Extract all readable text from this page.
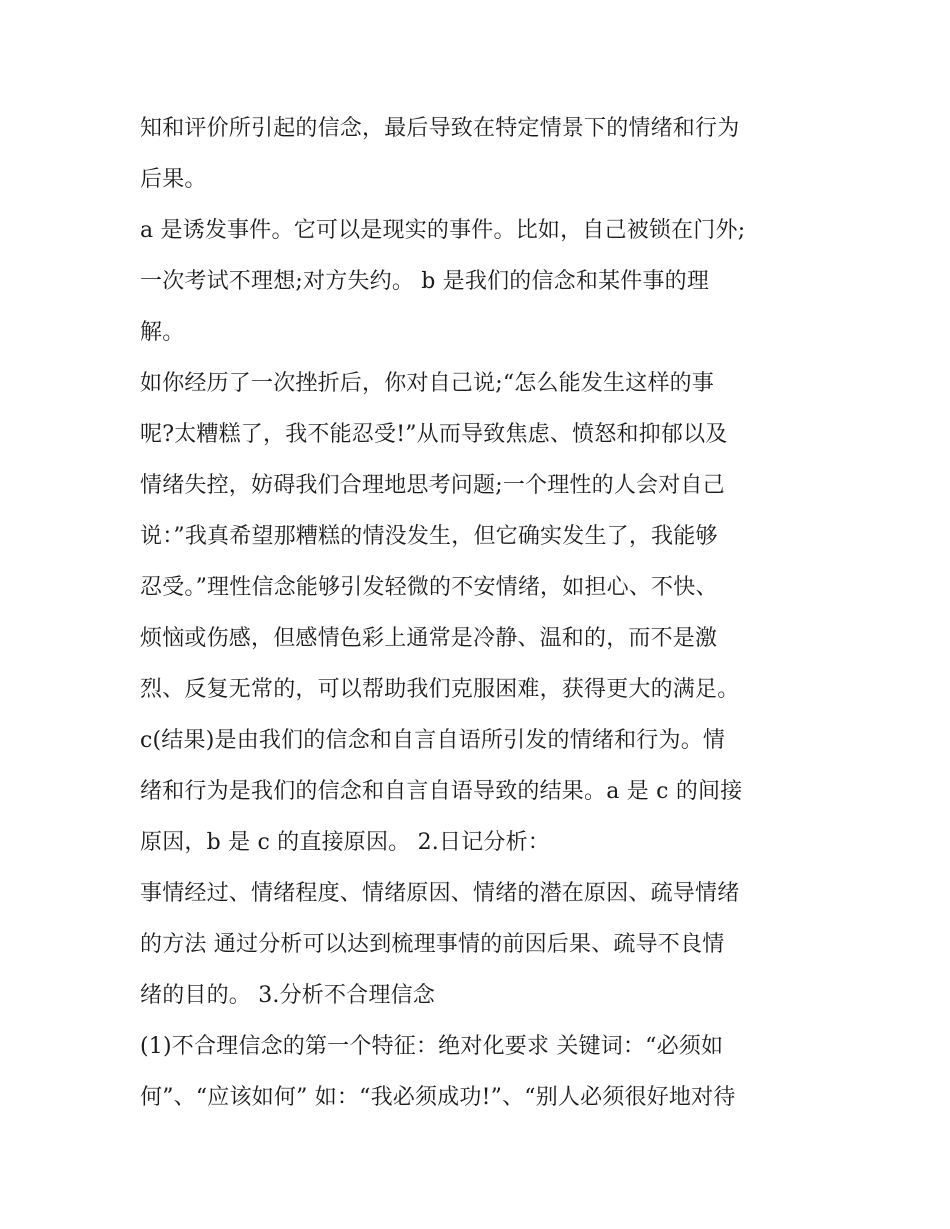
知和评价所引起的信念，最后导致在特定情景下的情绪和行为
后果。
a 是诱发事件。它可以是现实的事件。比如，自己被锁在门外;
一次考试不理想;对方失约。 b 是我们的信念和某件事的理
解。
如你经历了一次挫折后，你对自己说;“怎么能发生这样的事
呢?太糟糕了，我不能忍受!”从而导致焦虑、愤怒和抑郁以及
情绪失控，妨碍我们合理地思考问题;一个理性的人会对自己
说：”我真希望那糟糕的情没发生，但它确实发生了，我能够
忍受。”理性信念能够引发轻微的不安情绪，如担心、不快、
烦恼或伤感，但感情色彩上通常是冷静、温和的，而不是激
烈、反复无常的，可以帮助我们克服困难，获得更大的满足。
c(结果)是由我们的信念和自言自语所引发的情绪和行为。情
绪和行为是我们的信念和自言自语导致的结果。a 是 c 的间接
原因，b 是 c 的直接原因。 2.日记分析：
事情经过、情绪程度、情绪原因、情绪的潜在原因、疏导情绪
的方法 通过分析可以达到梳理事情的前因后果、疏导不良情
绪的目的。 3.分析不合理信念
(1)不合理信念的第一个特征：绝对化要求 关键词：“必须如
何”、“应该如何” 如：“我必须成功!”、“别人必须很好地对待
